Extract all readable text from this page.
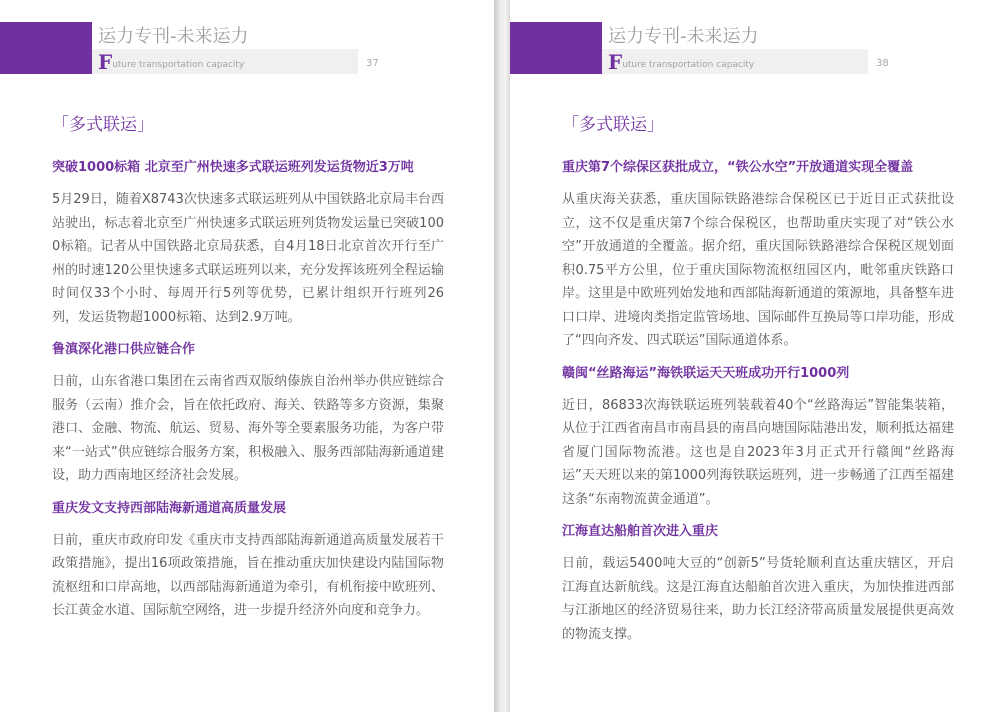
运力专刊-未来运力
Future transportation capacity	37
「多式联运」
突破1000标箱 北京至广州快速多式联运班列发运货物近3万吨

5月29日，随着X8743次快速多式联运班列从中国铁路北京局丰台西站驶出，标志着北京至广州快速多式联运班列货物发运量已突破1000标箱。记者从中国铁路北京局获悉，自4月18日北京首次开行至广州的时速120公里快速多式联运班列以来，充分发挥该班列全程运输时间仅33个小时、每周开行5列等优势，已累计组织开行班列26列，发运货物超1000标箱、达到2.9万吨。

鲁滇深化港口供应链合作

日前，山东省港口集团在云南省西双版纳傣族自治州举办供应链综合服务（云南）推介会，旨在依托政府、海关、铁路等多方资源，集聚港口、金融、物流、航运、贸易、海外等全要素服务功能，为客户带来“一站式”供应链综合服务方案，积极融入、服务西部陆海新通道建设，助力西南地区经济社会发展。

重庆发文支持西部陆海新通道高质量发展

日前，重庆市政府印发《重庆市支持西部陆海新通道高质量发展若干政策措施》，提出16项政策措施，旨在推动重庆加快建设内陆国际物流枢纽和口岸高地，以西部陆海新通道为牵引，有机衔接中欧班列、长江黄金水道、国际航空网络，进一步提升经济外向度和竞争力。

运力专刊-未来运力
Future transportation capacity	38
「多式联运」
重庆第7个综保区获批成立，“铁公水空”开放通道实现全覆盖

从重庆海关获悉，重庆国际铁路港综合保税区已于近日正式获批设立，这不仅是重庆第7个综合保税区，也帮助重庆实现了对“铁公水空”开放通道的全覆盖。据介绍，重庆国际铁路港综合保税区规划面积0.75平方公里，位于重庆国际物流枢纽园区内，毗邻重庆铁路口岸。这里是中欧班列始发地和西部陆海新通道的策源地，具备整车进口口岸、进境肉类指定监管场地、国际邮件互换局等口岸功能，形成了“四向齐发、四式联运”国际通道体系。

赣闽“丝路海运”海铁联运天天班成功开行1000列

近日，86833次海铁联运班列装载着40个“丝路海运”智能集装箱，从位于江西省南昌市南昌县的南昌向塘国际陆港出发，顺利抵达福建省厦门国际物流港。这也是自2023年3月正式开行赣闽“丝路海运”天天班以来的第1000列海铁联运班列，进一步畅通了江西至福建这条“东南物流黄金通道”。

江海直达船舶首次进入重庆

日前，载运5400吨大豆的“创新5”号货轮顺利直达重庆辖区，开启江海直达新航线。这是江海直达船舶首次进入重庆，为加快推进西部与江浙地区的经济贸易往来，助力长江经济带高质量发展提供更高效的物流支撑。
